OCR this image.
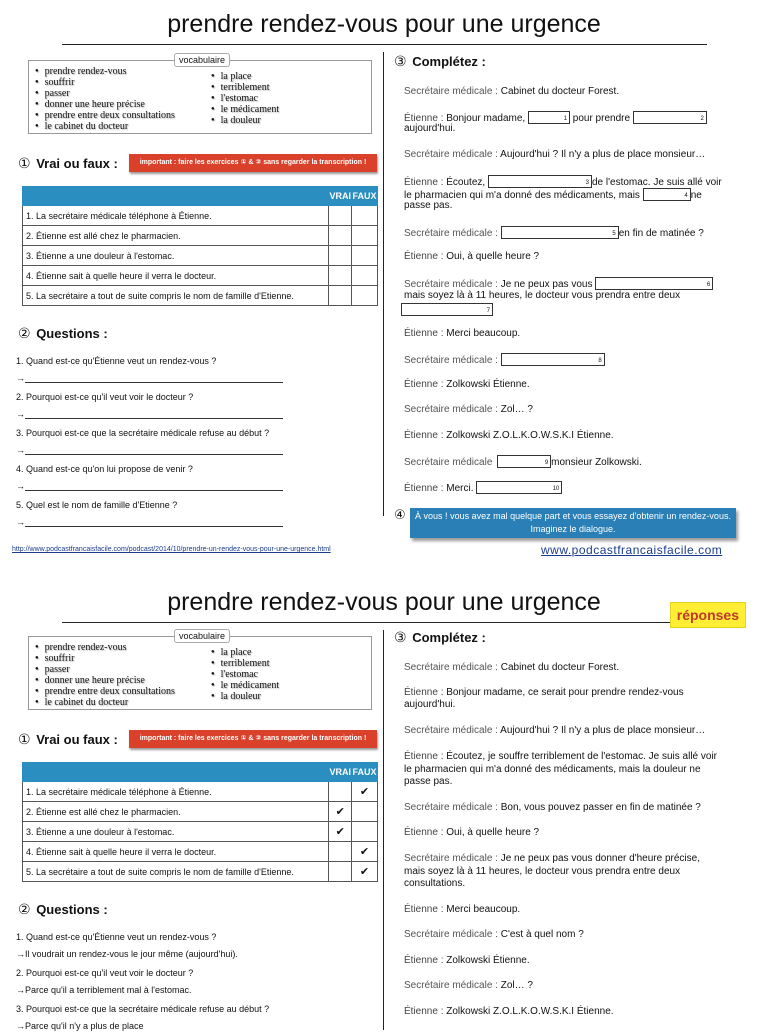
prendre rendez-vous pour une urgence
vocabulaire
● prendre rendez-vous
● souffrir
● passer
● donner une heure précise
● prendre entre deux consultations
● le cabinet du docteur
● la place
● terriblement
● l'estomac
● le médicament
● la douleur
① Vrai ou faux :	important : faire les exercices ① & ② sans regarder la transcription !
	VRAI	FAUX
1. La secrétaire médicale téléphone à Étienne.		
2. Étienne est allé chez le pharmacien.		
3. Étienne a une douleur à l'estomac.		
4. Étienne sait à quelle heure il verra le docteur.		
5. La secrétaire a tout de suite compris le nom de famille d'Etienne.		
② Questions :
1. Quand est-ce qu'Étienne veut un rendez-vous ?
→
2. Pourquoi est-ce qu'il veut voir le docteur ?
→
3. Pourquoi est-ce que la secrétaire médicale refuse au début ?
→
4. Quand est-ce qu'on lui propose de venir ?
→
5. Quel est le nom de famille d'Etienne ?
→
③ Complétez :
Secrétaire médicale : Cabinet du docteur Forest.
Étienne : Bonjour madame,	1 pour prendre	2
aujourd'hui.
Secrétaire médicale : Aujourd'hui ? Il n'y a plus de place monsieur…
Étienne : Écoutez,	3 de l'estomac. Je suis allé voir
le pharmacien qui m'a donné des médicaments, mais	4 ne
passe pas.
Secrétaire médicale :	5 en fin de matinée ?
Étienne : Oui, à quelle heure ?
Secrétaire médicale : Je ne peux pas vous	6
mais soyez là à 11 heures, le docteur vous prendra entre deux
7
Étienne : Merci beaucoup.
Secrétaire médicale :	8
Étienne : Zolkowski Étienne.
Secrétaire médicale : Zol… ?
Étienne : Zolkowski Z.O.L.K.O.W.S.K.I Étienne.
Secrétaire médicale	9 monsieur Zolkowski.
Étienne : Merci.	10
④	À vous ! vous avez mal quelque part et vous essayez d'obtenir un rendez-vous. Imaginez le dialogue.
http://www.podcastfrancaisfacile.com/podcast/2014/10/prendre-un-rendez-vous-pour-une-urgence.html	www.podcastfrancaisfacile.com
prendre rendez-vous pour une urgence	réponses
vocabulaire
● prendre rendez-vous
● souffrir
● passer
● donner une heure précise
● prendre entre deux consultations
● le cabinet du docteur
● la place
● terriblement
● l'estomac
● le médicament
● la douleur
① Vrai ou faux :	important : faire les exercices ① & ② sans regarder la transcription !
	VRAI	FAUX
1. La secrétaire médicale téléphone à Étienne.		✔
2. Étienne est allé chez le pharmacien.	✔	
3. Étienne a une douleur à l'estomac.	✔	
4. Étienne sait à quelle heure il verra le docteur.		✔
5. La secrétaire a tout de suite compris le nom de famille d'Etienne.		✔
② Questions :
1. Quand est-ce qu'Étienne veut un rendez-vous ?
→Il voudrait un rendez-vous le jour même (aujourd'hui).
2. Pourquoi est-ce qu'il veut voir le docteur ?
→Parce qu'il a terriblement mal à l'estomac.
3. Pourquoi est-ce que la secrétaire médicale refuse au début ?
→Parce qu'il n'y a plus de place
③ Complétez :
Secrétaire médicale : Cabinet du docteur Forest.
Étienne : Bonjour madame, ce serait pour prendre rendez-vous
aujourd'hui.
Secrétaire médicale : Aujourd'hui ? Il n'y a plus de place monsieur…
Étienne : Écoutez, je souffre terriblement de l'estomac. Je suis allé voir
le pharmacien qui m'a donné des médicaments, mais la douleur ne
passe pas.
Secrétaire médicale : Bon, vous pouvez passer en fin de matinée ?
Étienne : Oui, à quelle heure ?
Secrétaire médicale : Je ne peux pas vous donner d'heure précise,
mais soyez là à 11 heures, le docteur vous prendra entre deux
consultations.
Étienne : Merci beaucoup.
Secrétaire médicale : C'est à quel nom ?
Étienne : Zolkowski Étienne.
Secrétaire médicale : Zol… ?
Étienne : Zolkowski Z.O.L.K.O.W.S.K.I Étienne.
